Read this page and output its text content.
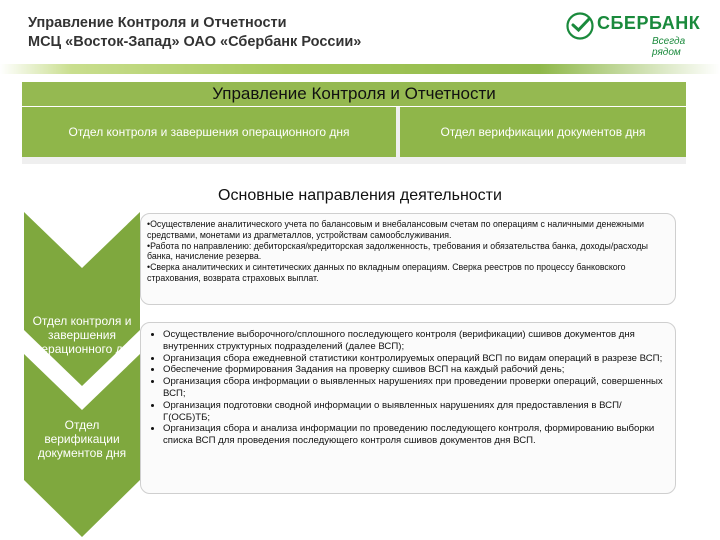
Управление Контроля и Отчетности
МСЦ «Восток-Запад» ОАО «Сбербанк России»
СБЕРБАНК
Всегда рядом
Управление Контроля и Отчетности
Отдел контроля и завершения операционного дня	Отдел верификации документов дня
Основные направления деятельности
Отдел контроля и завершения операционного дня
Отдел
верификации
документов дня
•Осуществление аналитического учета по балансовым и внебалансовым счетам по операциям с наличными денежными средствами, монетами из драгметаллов, устройствам самообслуживания.
•Работа по направлению: дебиторская/кредиторская задолженность, требования и обязательства банка, доходы/расходы банка, начисление резерва.
•Сверка аналитических и синтетических данных по вкладным операциям. Сверка реестров по процессу банковского страхования, возврата страховых выплат.
• Осуществление выборочного/сплошного последующего контроля (верификации) сшивов документов дня внутренних структурных подразделений (далее ВСП);
• Организация сбора ежедневной статистики контролируемых операций ВСП по видам операций в разрезе ВСП;
• Обеспечение формирования Задания на проверку сшивов ВСП на каждый рабочий день;
• Организация сбора информации о выявленных нарушениях при проведении проверки операций, совершенных ВСП;
• Организация подготовки сводной информации о выявленных нарушениях для предоставления в ВСП/Г(ОСБ)ТБ;
• Организация сбора и анализа информации по проведению последующего контроля, формированию выборки списка ВСП для проведения последующего контроля сшивов документов дня ВСП.
